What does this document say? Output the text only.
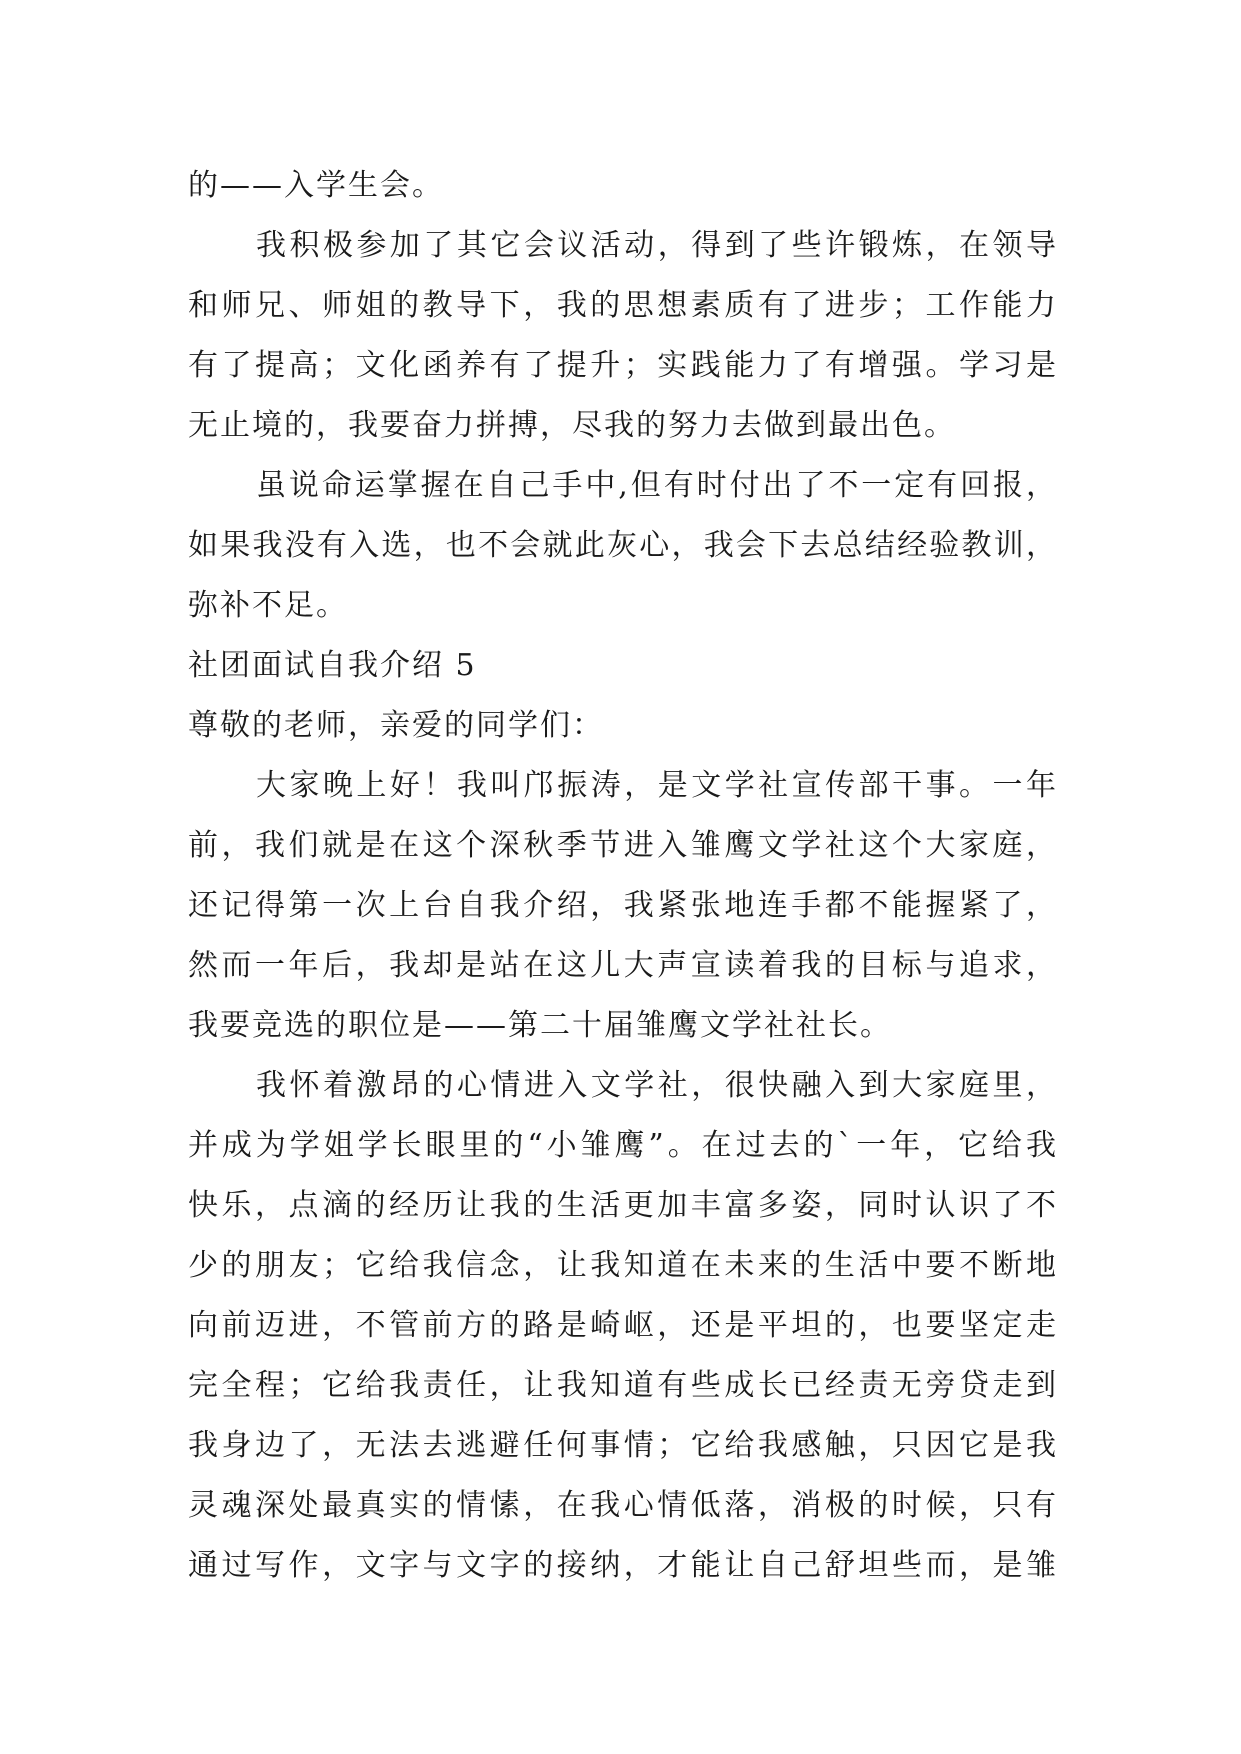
的——入学生会。
我积极参加了其它会议活动，得到了些许锻炼，在领导
和师兄、师姐的教导下，我的思想素质有了进步；工作能力
有了提高；文化函养有了提升；实践能力了有增强。学习是
无止境的，我要奋力拼搏，尽我的努力去做到最出色。
虽说命运掌握在自己手中,但有时付出了不一定有回报，
如果我没有入选，也不会就此灰心，我会下去总结经验教训，
弥补不足。
社团面试自我介绍 5
尊敬的老师，亲爱的同学们：
大家晚上好！我叫邝振涛，是文学社宣传部干事。一年
前，我们就是在这个深秋季节进入雏鹰文学社这个大家庭，
还记得第一次上台自我介绍，我紧张地连手都不能握紧了，
然而一年后，我却是站在这儿大声宣读着我的目标与追求，
我要竞选的职位是——第二十届雏鹰文学社社长。
我怀着激昂的心情进入文学社，很快融入到大家庭里，
并成为学姐学长眼里的“小雏鹰”。在过去的`一年，它给我
快乐，点滴的经历让我的生活更加丰富多姿，同时认识了不
少的朋友；它给我信念，让我知道在未来的生活中要不断地
向前迈进，不管前方的路是崎岖，还是平坦的，也要坚定走
完全程；它给我责任，让我知道有些成长已经责无旁贷走到
我身边了，无法去逃避任何事情；它给我感触，只因它是我
灵魂深处最真实的情愫，在我心情低落，消极的时候，只有
通过写作，文字与文字的接纳，才能让自己舒坦些而，是雏
